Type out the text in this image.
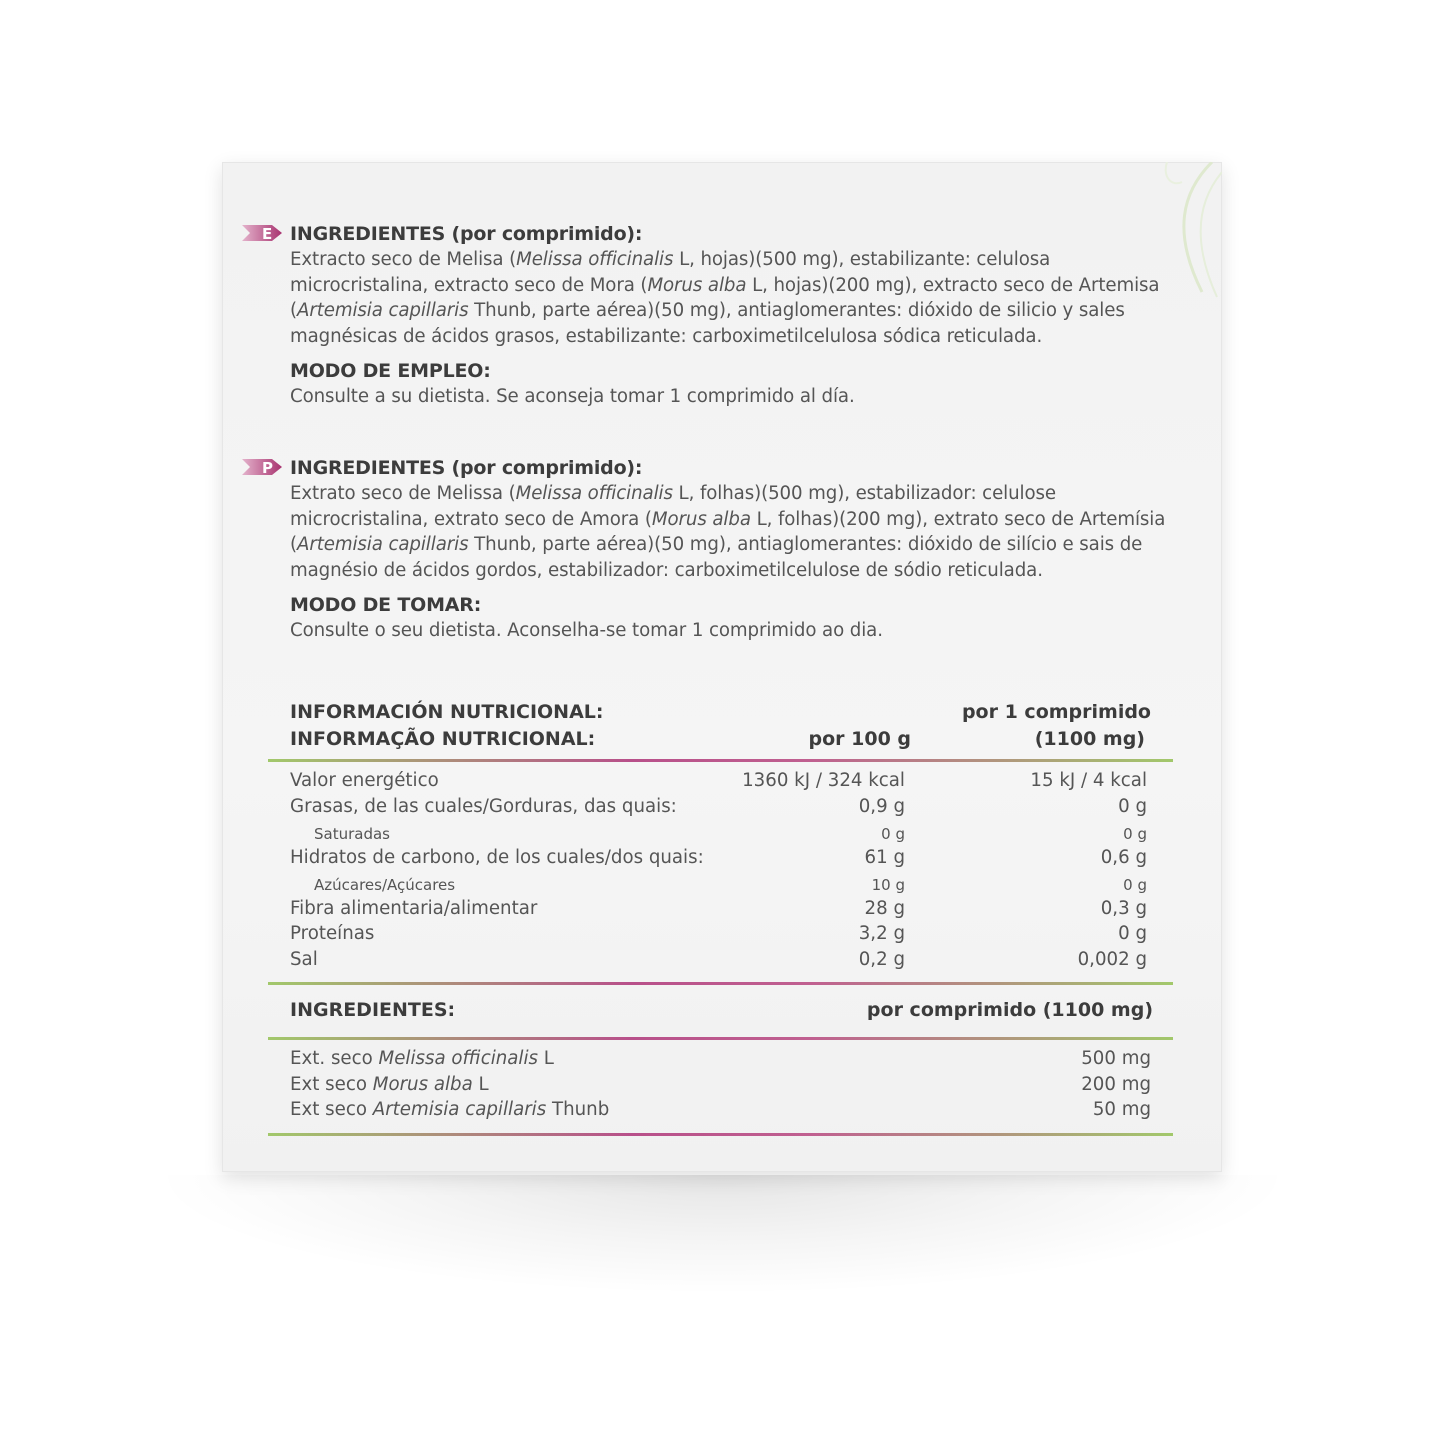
E INGREDIENTES (por comprimido):
Extracto seco de Melisa (Melissa officinalis L, hojas)(500 mg), estabilizante: celulosa microcristalina, extracto seco de Mora (Morus alba L, hojas)(200 mg), extracto seco de Artemisa (Artemisia capillaris Thunb, parte aérea)(50 mg), antiaglomerantes: dióxido de silicio y sales magnésicas de ácidos grasos, estabilizante: carboximetilcelulosa sódica reticulada.
MODO DE EMPLEO:
Consulte a su dietista. Se aconseja tomar 1 comprimido al día.
P INGREDIENTES (por comprimido):
Extrato seco de Melissa (Melissa officinalis L, folhas)(500 mg), estabilizador: celulose microcristalina, extrato seco de Amora (Morus alba L, folhas)(200 mg), extrato seco de Artemísia (Artemisia capillaris Thunb, parte aérea)(50 mg), antiaglomerantes: dióxido de silício e sais de magnésio de ácidos gordos, estabilizador: carboximetilcelulose de sódio reticulada.
MODO DE TOMAR:
Consulte o seu dietista. Aconselha-se tomar 1 comprimido ao dia.
INFORMACIÓN NUTRICIONAL:
INFORMAÇÃO NUTRICIONAL:	por 100 g
por 1 comprimido
(1100 mg)
Valor energético	1360 kJ / 324 kcal	15 kJ / 4 kcal
Grasas, de las cuales/Gorduras, das quais:	0,9 g	0 g
Saturadas	0 g	0 g
Hidratos de carbono, de los cuales/dos quais:	61 g	0,6 g
Azúcares/Açúcares	10 g	0 g
Fibra alimentaria/alimentar	28 g	0,3 g
Proteínas	3,2 g	0 g
Sal	0,2 g	0,002 g
INGREDIENTES:	por comprimido (1100 mg)
Ext. seco Melissa officinalis L	500 mg
Ext seco Morus alba L	200 mg
Ext seco Artemisia capillaris Thunb	50 mg
